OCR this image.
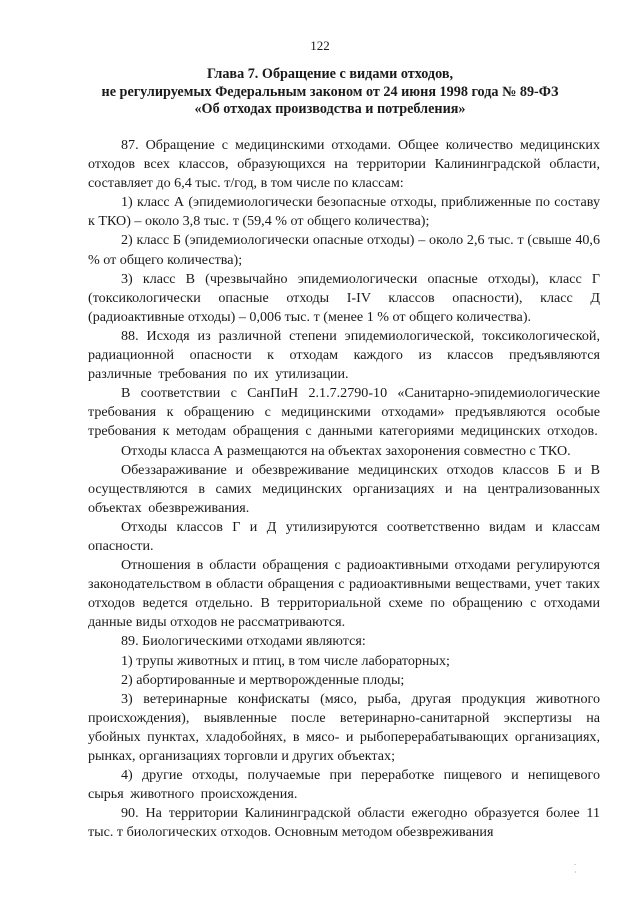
122
Глава 7. Обращение с видами отходов,
не регулируемых Федеральным законом от 24 июня 1998 года № 89-ФЗ
«Об отходах производства и потребления»

87. Обращение с медицинскими отходами. Общее количество медицинских отходов всех классов, образующихся на территории Калининградской области, составляет до 6,4 тыс. т/год, в том числе по классам:

1) класс А (эпидемиологически безопасные отходы, приближенные по составу к ТКО) – около 3,8 тыс. т (59,4 % от общего количества);

2) класс Б (эпидемиологически опасные отходы) – около 2,6 тыс. т (свыше 40,6 % от общего количества);

3) класс В (чрезвычайно эпидемиологически опасные отходы), класс Г (токсикологически опасные отходы I-IV классов опасности), класс Д (радиоактивные отходы) – 0,006 тыс. т (менее 1 % от общего количества).

88. Исходя из различной степени эпидемиологической, токсикологической, радиационной опасности к отходам каждого из классов предъявляются различные требования по их утилизации.

В соответствии с СанПиН 2.1.7.2790-10 «Санитарно-эпидемиологические требования к обращению с медицинскими отходами» предъявляются особые требования к методам обращения с данными категориями медицинских отходов.

Отходы класса А размещаются на объектах захоронения совместно с ТКО.

Обеззараживание и обезвреживание медицинских отходов классов Б и В осуществляются в самих медицинских организациях и на централизованных объектах обезвреживания.

Отходы классов Г и Д утилизируются соответственно видам и классам опасности.

Отношения в области обращения с радиоактивными отходами регулируются законодательством в области обращения с радиоактивными веществами, учет таких отходов ведется отдельно. В территориальной схеме по обращению с отходами данные виды отходов не рассматриваются.

89. Биологическими отходами являются:

1) трупы животных и птиц, в том числе лабораторных;

2) абортированные и мертворожденные плоды;

3) ветеринарные конфискаты (мясо, рыба, другая продукция животного происхождения), выявленные после ветеринарно-санитарной экспертизы на убойных пунктах, хладобойнях, в мясо- и рыбоперерабатывающих организациях, рынках, организациях торговли и других объектах;

4) другие отходы, получаемые при переработке пищевого и непищевого сырья животного происхождения.

90. На территории Калининградской области ежегодно образуется более 11 тыс. т биологических отходов. Основным методом обезвреживания

.
·
